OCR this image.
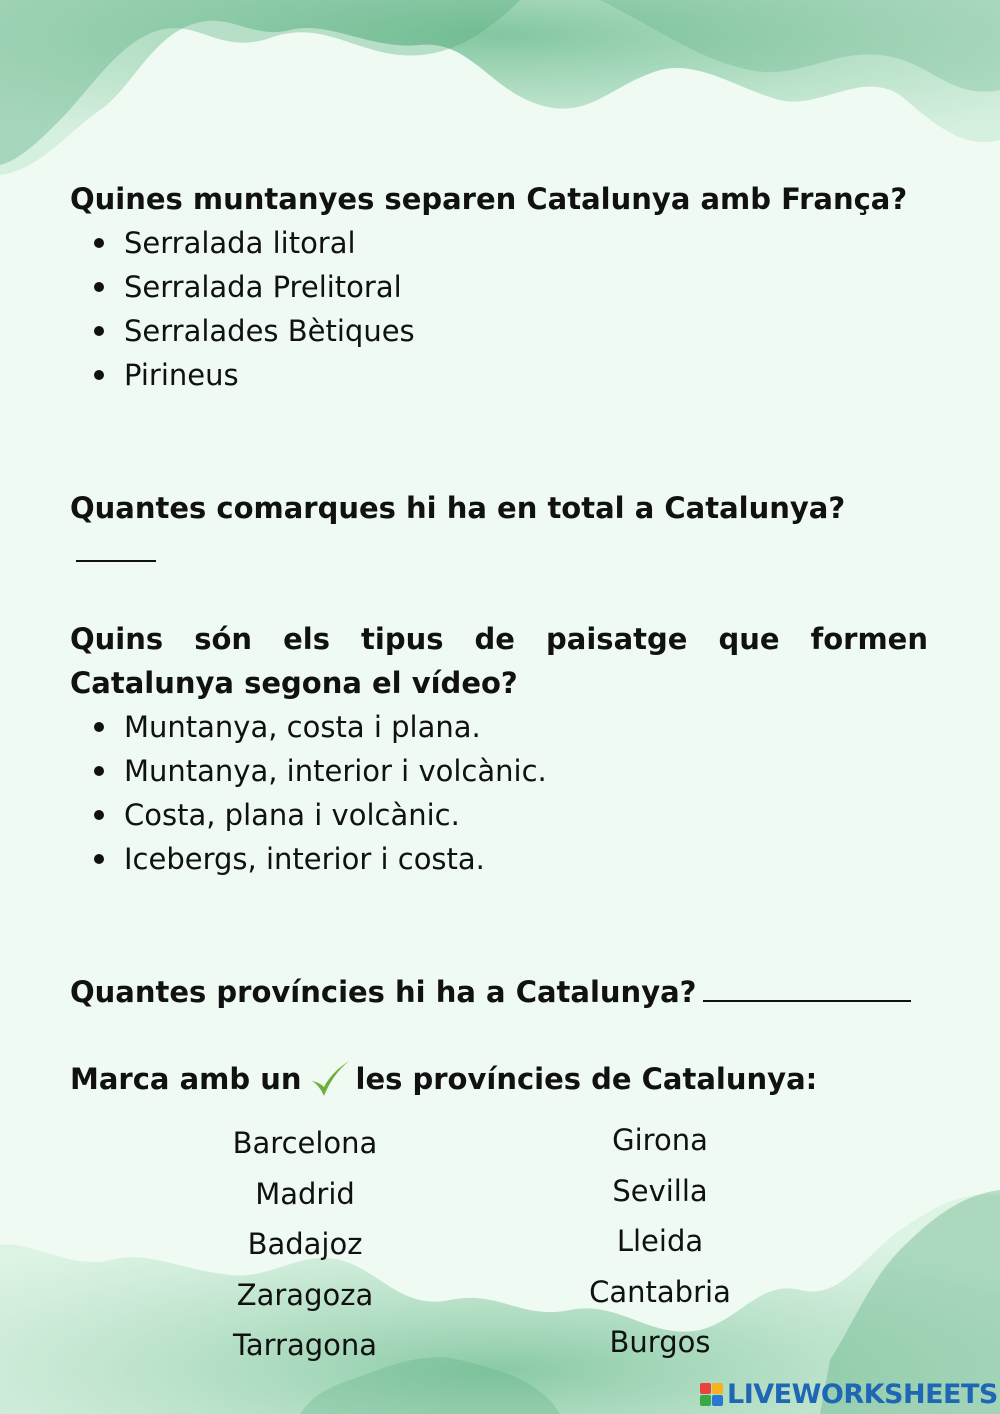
Quines muntanyes separen Catalunya amb França?

Serralada litoral
Serralada Prelitoral
Serralades Bètiques
Pirineus

Quantes comarques hi ha en total a Catalunya?

Quins són els tipus de paisatge que formen Catalunya segona el vídeo?

Muntanya, costa i plana.
Muntanya, interior i volcànic.
Costa, plana i volcànic.
Icebergs, interior i costa.

Quantes províncies hi ha a Catalunya?

Marca amb un les províncies de Catalunya:

Barcelona
Madrid
Badajoz
Zaragoza
Tarragona
Girona
Sevilla
Lleida
Cantabria
Burgos
LIVEWORKSHEETS
